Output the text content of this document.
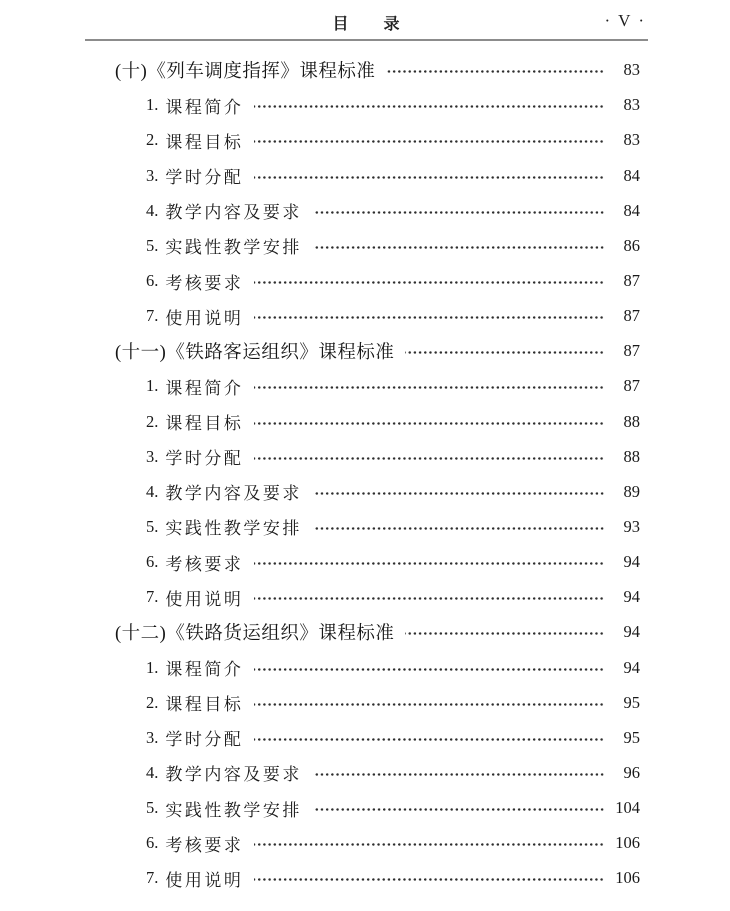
目　　录	· V ·
(十)《列车调度指挥》课程标准	83
1. 课程简介	83
2. 课程目标	83
3. 学时分配	84
4. 教学内容及要求	84
5. 实践性教学安排	86
6. 考核要求	87
7. 使用说明	87
(十一)《铁路客运组织》课程标准	87
1. 课程简介	87
2. 课程目标	88
3. 学时分配	88
4. 教学内容及要求	89
5. 实践性教学安排	93
6. 考核要求	94
7. 使用说明	94
(十二)《铁路货运组织》课程标准	94
1. 课程简介	94
2. 课程目标	95
3. 学时分配	95
4. 教学内容及要求	96
5. 实践性教学安排	104
6. 考核要求	106
7. 使用说明	106
